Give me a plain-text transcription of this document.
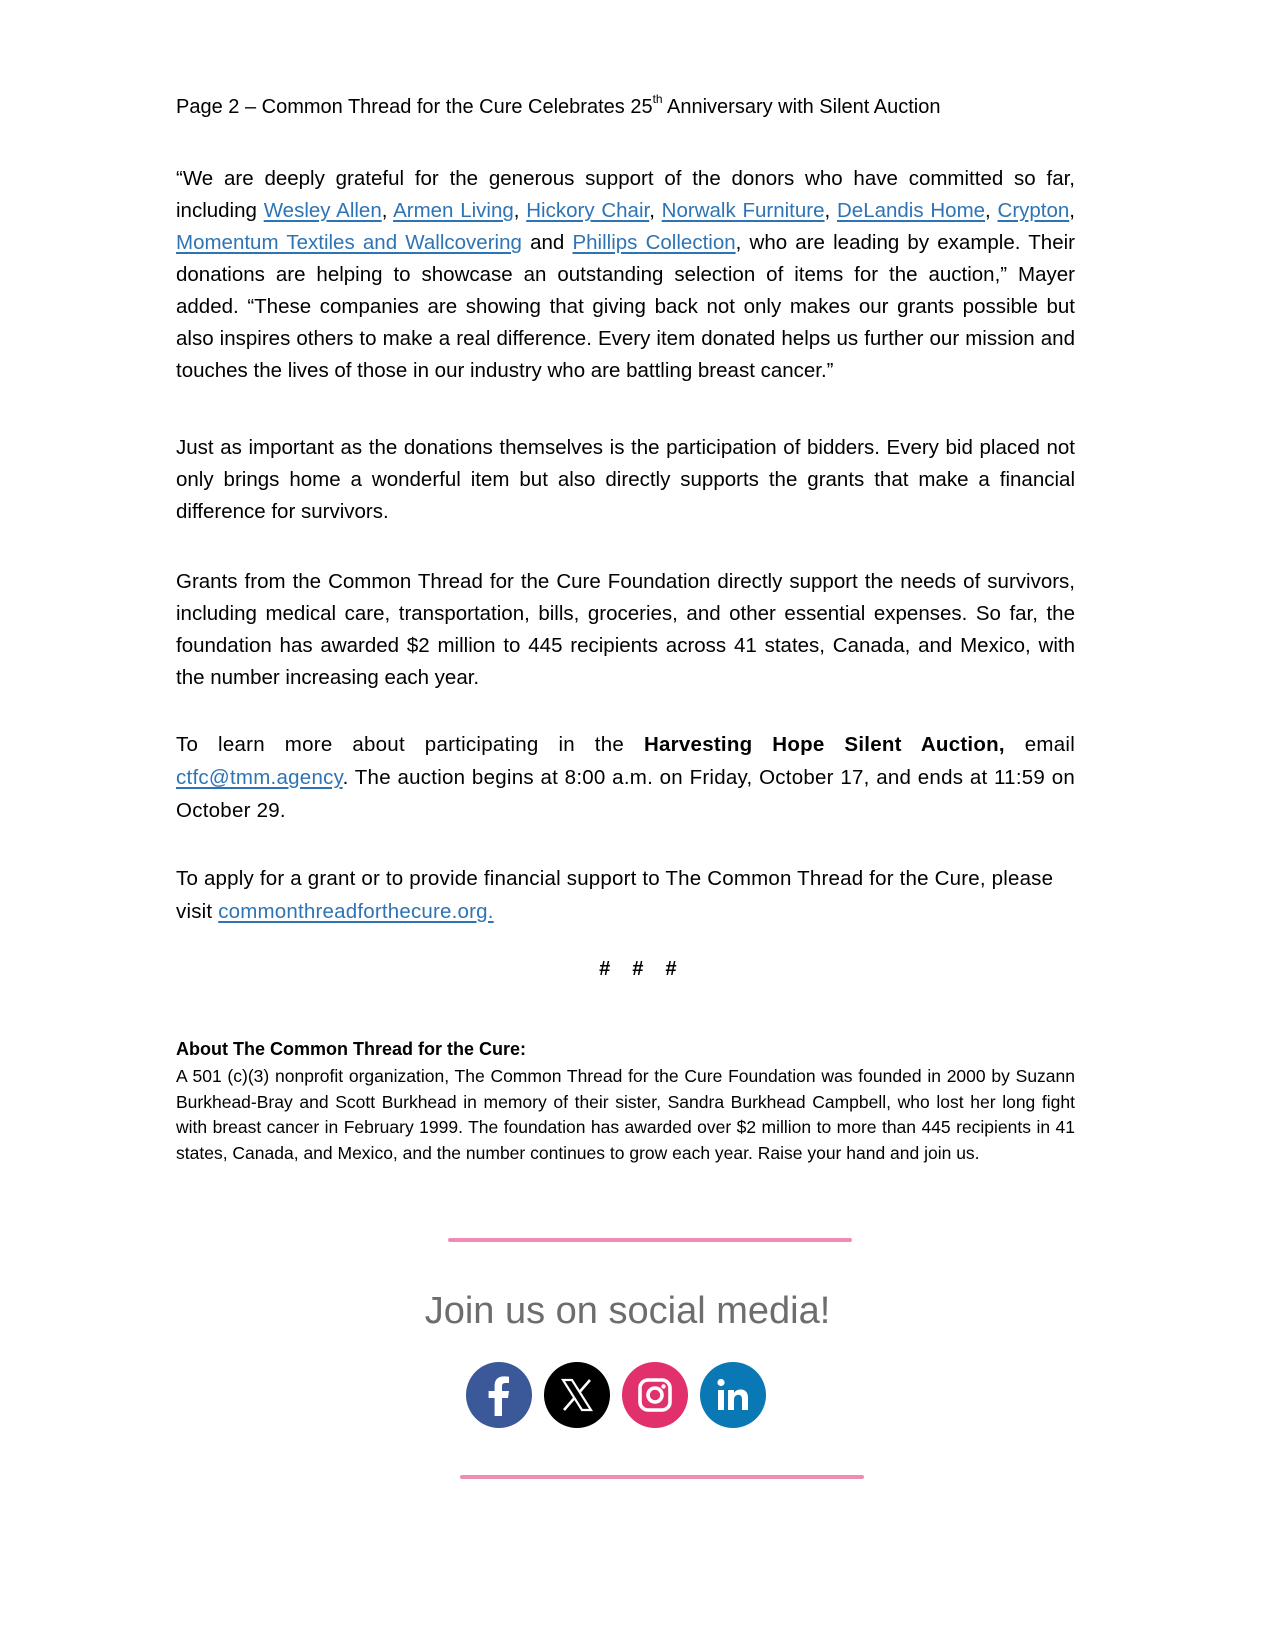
Page 2 – Common Thread for the Cure Celebrates 25th Anniversary with Silent Auction
“We are deeply grateful for the generous support of the donors who have committed so far, including Wesley Allen, Armen Living, Hickory Chair, Norwalk Furniture, DeLandis Home, Crypton, Momentum Textiles and Wallcovering and Phillips Collection, who are leading by example. Their donations are helping to showcase an outstanding selection of items for the auction,” Mayer added. “These companies are showing that giving back not only makes our grants possible but also inspires others to make a real difference. Every item donated helps us further our mission and touches the lives of those in our industry who are battling breast cancer.”
Just as important as the donations themselves is the participation of bidders. Every bid placed not only brings home a wonderful item but also directly supports the grants that make a financial difference for survivors.
Grants from the Common Thread for the Cure Foundation directly support the needs of survivors, including medical care, transportation, bills, groceries, and other essential expenses. So far, the foundation has awarded $2 million to 445 recipients across 41 states, Canada, and Mexico, with the number increasing each year.
To learn more about participating in the Harvesting Hope Silent Auction, email ctfc@tmm.agency. The auction begins at 8:00 a.m. on Friday, October 17, and ends at 11:59 on October 29.
To apply for a grant or to provide financial support to The Common Thread for the Cure, please visit commonthreadforthecure.org.
# # #
About The Common Thread for the Cure:
A 501 (c)(3) nonprofit organization, The Common Thread for the Cure Foundation was founded in 2000 by Suzann Burkhead-Bray and Scott Burkhead in memory of their sister, Sandra Burkhead Campbell, who lost her long fight with breast cancer in February 1999. The foundation has awarded over $2 million to more than 445 recipients in 41 states, Canada, and Mexico, and the number continues to grow each year. Raise your hand and join us.
Join us on social media!
